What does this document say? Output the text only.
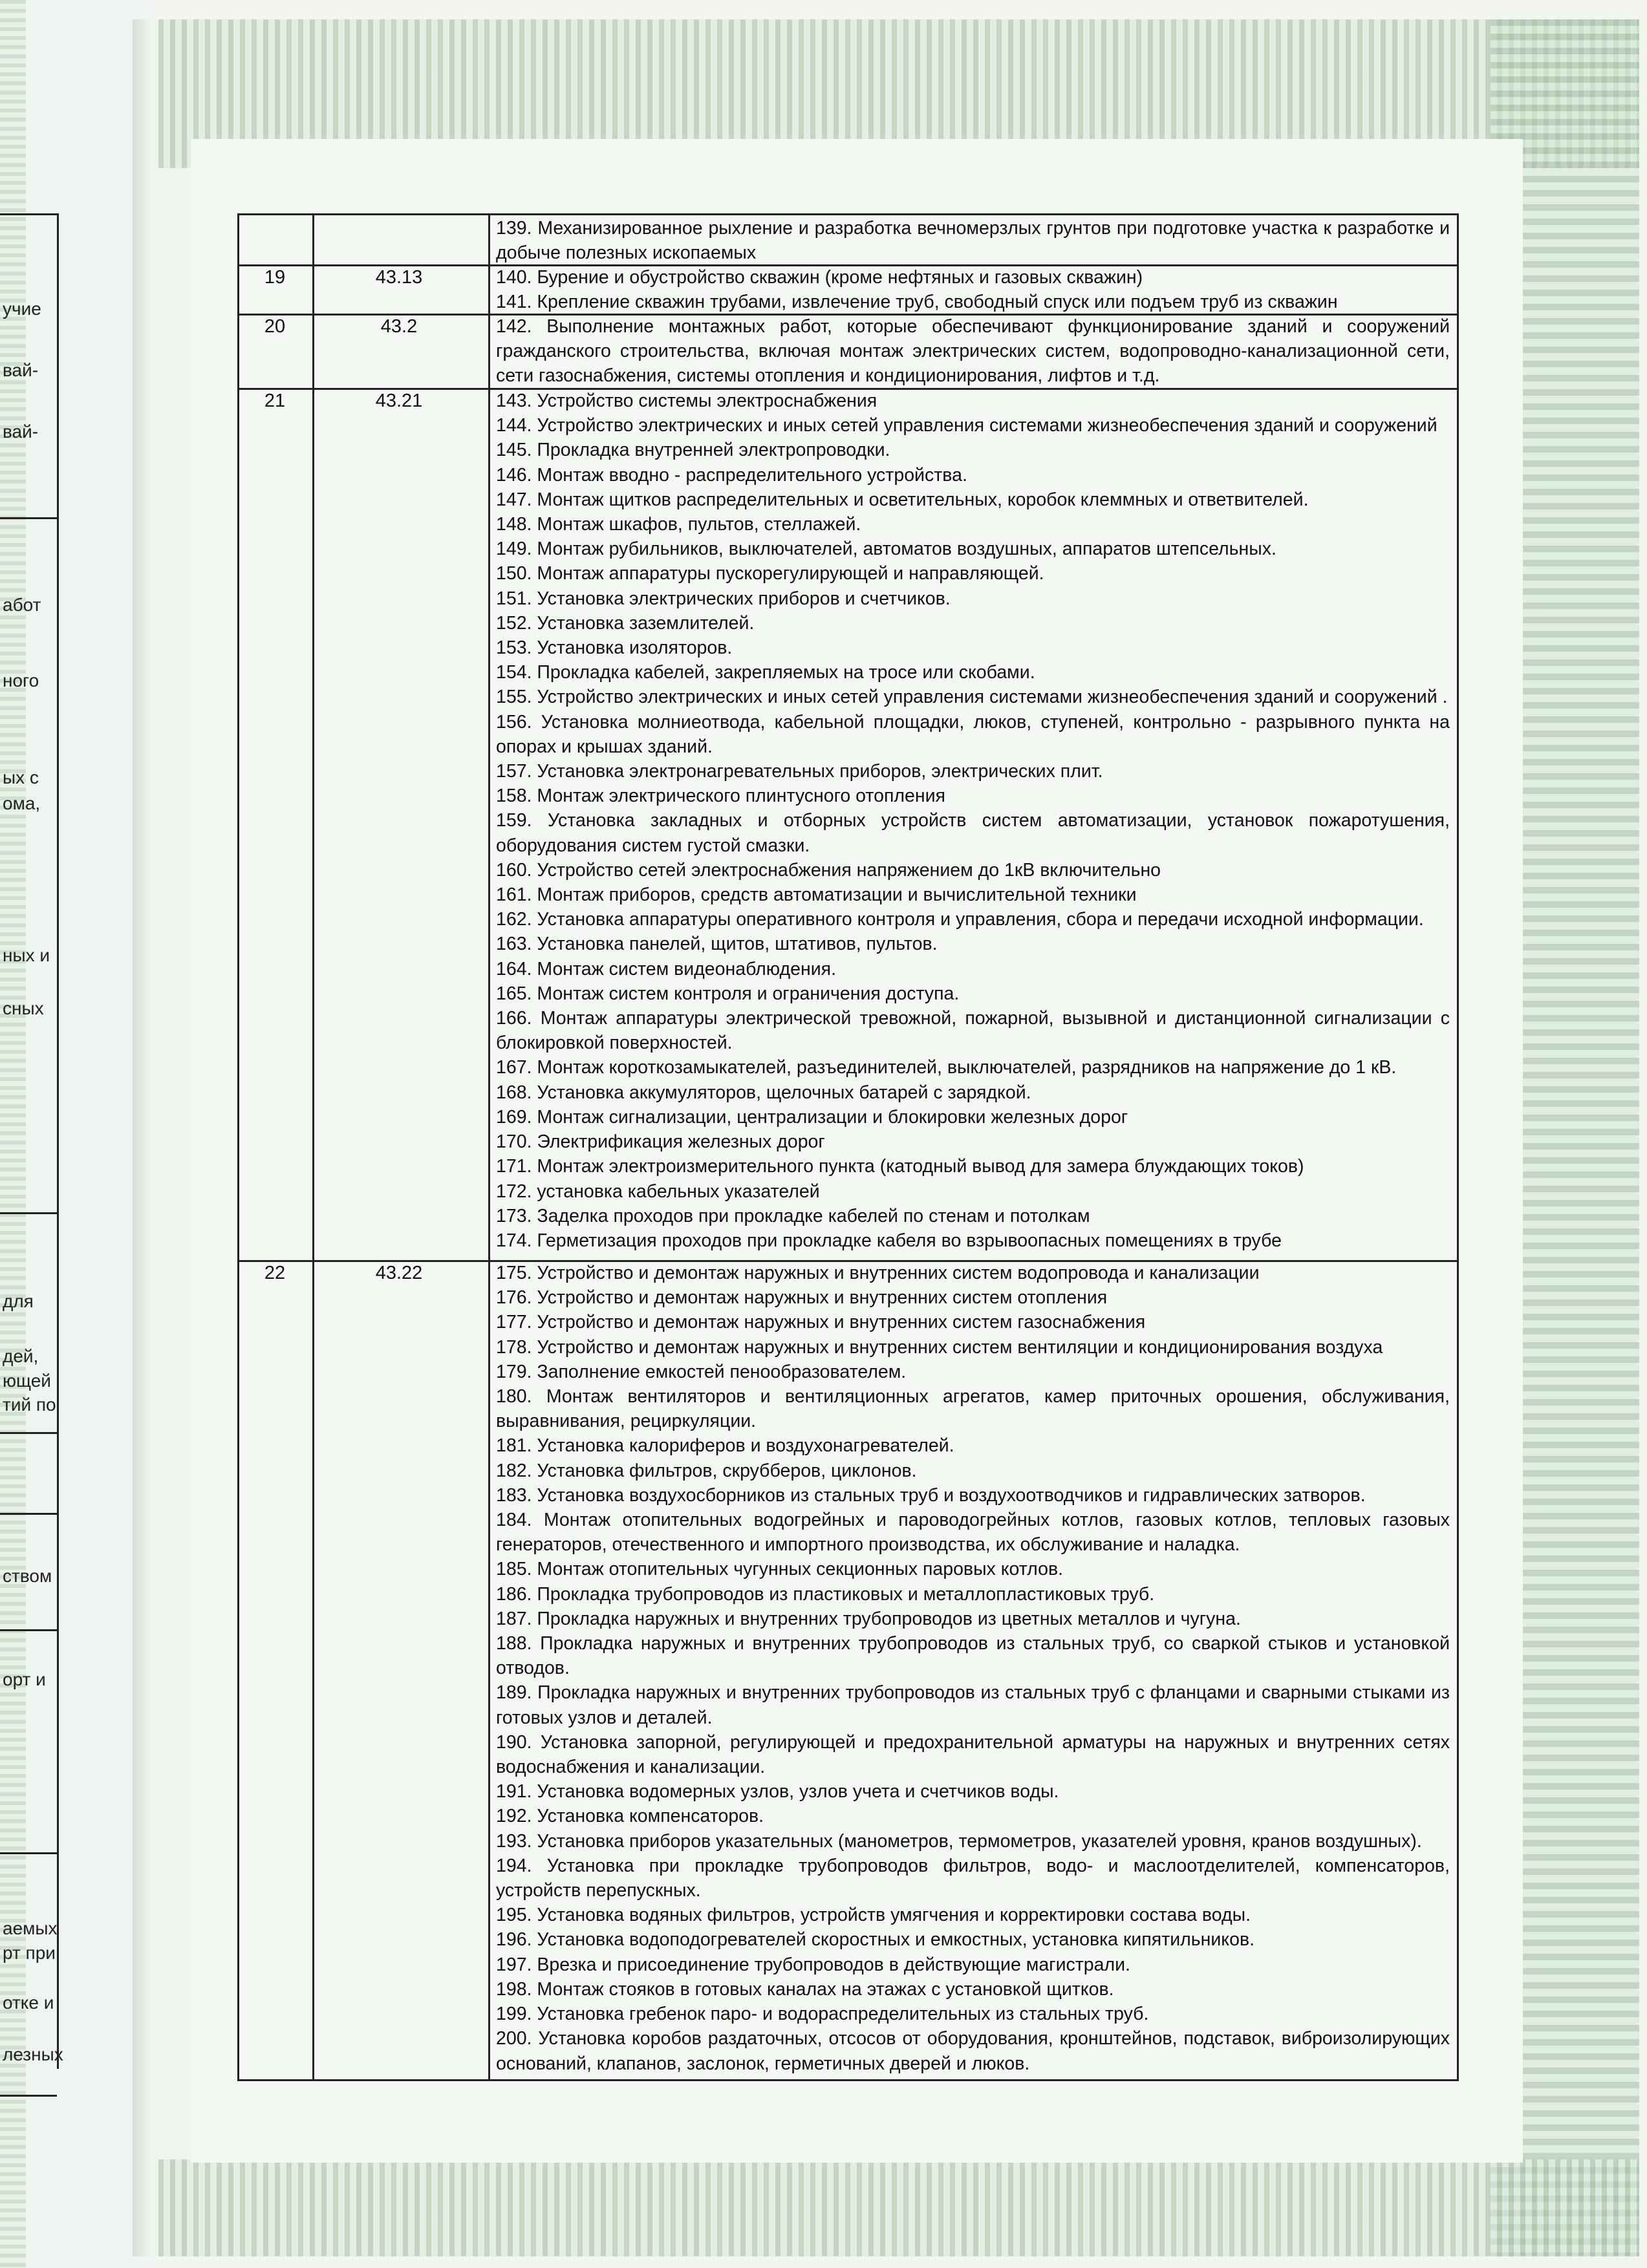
учие
вай-
вай-
абот
ного
ых с
ома,
ных и
сных
для
дей,
ющей
тий по
ством
орт и
аемых
рт при
отке и
лезных

139. Механизированное рыхление и разработка вечномерзлых грунтов при подготовке участка к разработке и добыче полезных ископаемых

19	43.13	140. Бурение и обустройство скважин (кроме нефтяных и газовых скважин)

141. Крепление скважин трубами, извлечение труб, свободный спуск или подъем труб из скважин

20	43.2	142. Выполнение монтажных работ, которые обеспечивают функционирование зданий и сооружений гражданского строительства, включая монтаж электрических систем, водопроводно-канализационной сети, сети газоснабжения, системы отопления и кондиционирования, лифтов и т.д.

21	43.21	143. Устройство системы электроснабжения

144. Устройство электрических и иных сетей управления системами жизнеобеспечения зданий и сооружений

145. Прокладка внутренней электропроводки.

146. Монтаж вводно - распределительного устройства.

147. Монтаж щитков распределительных и осветительных, коробок клеммных и ответвителей.

148. Монтаж шкафов, пультов, стеллажей.

149. Монтаж рубильников, выключателей, автоматов воздушных, аппаратов штепсельных.

150. Монтаж аппаратуры пускорегулирующей и направляющей.

151. Установка электрических приборов и счетчиков.

152. Установка заземлителей.

153. Установка изоляторов.

154. Прокладка кабелей, закрепляемых на тросе или скобами.

155. Устройство электрических и иных сетей управления системами жизнеобеспечения зданий и сооружений .

156. Установка молниеотвода, кабельной площадки, люков, ступеней, контрольно - разрывного пункта на опорах и крышах зданий.

157. Установка электронагревательных приборов, электрических плит.

158. Монтаж электрического плинтусного отопления

159. Установка закладных и отборных устройств систем автоматизации, установок пожаротушения, оборудования систем густой смазки.

160. Устройство сетей электроснабжения напряжением до 1кВ включительно

161. Монтаж приборов, средств автоматизации и вычислительной техники

162. Установка аппаратуры оперативного контроля и управления, сбора и передачи исходной информации.

163. Установка панелей, щитов, штативов, пультов.

164. Монтаж систем видеонаблюдения.

165. Монтаж систем контроля и ограничения доступа.

166. Монтаж аппаратуры электрической тревожной, пожарной, вызывной и дистанционной сигнализации с блокировкой поверхностей.

167. Монтаж короткозамыкателей, разъединителей, выключателей, разрядников на напряжение до 1 кВ.

168. Установка аккумуляторов, щелочных батарей с зарядкой.

169. Монтаж сигнализации, централизации и блокировки железных дорог

170. Электрификация железных дорог

171. Монтаж электроизмерительного пункта (катодный вывод для замера блуждающих токов)

172. установка кабельных указателей

173. Заделка проходов при прокладке кабелей по стенам и потолкам

174. Герметизация проходов при прокладке кабеля во взрывоопасных помещениях в трубе

22	43.22	175. Устройство и демонтаж наружных и внутренних систем водопровода и канализации

176. Устройство и демонтаж наружных и внутренних систем отопления

177. Устройство и демонтаж наружных и внутренних систем газоснабжения

178. Устройство и демонтаж наружных и внутренних систем вентиляции и кондиционирования воздуха

179. Заполнение емкостей пенообразователем.

180. Монтаж вентиляторов и вентиляционных агрегатов, камер приточных орошения, обслуживания, выравнивания, рециркуляции.

181. Установка калориферов и воздухонагревателей.

182. Установка фильтров, скрубберов, циклонов.

183. Установка воздухосборников из стальных труб и воздухоотводчиков и гидравлических затворов.

184. Монтаж отопительных водогрейных и пароводогрейных котлов, газовых котлов, тепловых газовых генераторов, отечественного и импортного производства, их обслуживание и наладка.

185. Монтаж отопительных чугунных секционных паровых котлов.

186. Прокладка трубопроводов из пластиковых и металлопластиковых труб.

187. Прокладка наружных и внутренних трубопроводов из цветных металлов и чугуна.

188. Прокладка наружных и внутренних трубопроводов из стальных труб, со сваркой стыков и установкой отводов.

189. Прокладка наружных и внутренних трубопроводов из стальных труб с фланцами и сварными стыками из готовых узлов и деталей.

190. Установка запорной, регулирующей и предохранительной арматуры на наружных и внутренних сетях водоснабжения и канализации.

191. Установка водомерных узлов, узлов учета и счетчиков воды.

192. Установка компенсаторов.

193. Установка приборов указательных (манометров, термометров, указателей уровня, кранов воздушных).

194. Установка при прокладке трубопроводов фильтров, водо- и маслоотделителей, компенсаторов, устройств перепускных.

195. Установка водяных фильтров, устройств умягчения и корректировки состава воды.

196. Установка водоподогревателей скоростных и емкостных, установка кипятильников.

197. Врезка и присоединение трубопроводов в действующие магистрали.

198. Монтаж стояков в готовых каналах на этажах с установкой щитков.

199. Установка гребенок паро- и водораспределительных из стальных труб.

200. Установка коробов раздаточных, отсосов от оборудования, кронштейнов, подставок, виброизолирующих оснований, клапанов, заслонок, герметичных дверей и люков.
